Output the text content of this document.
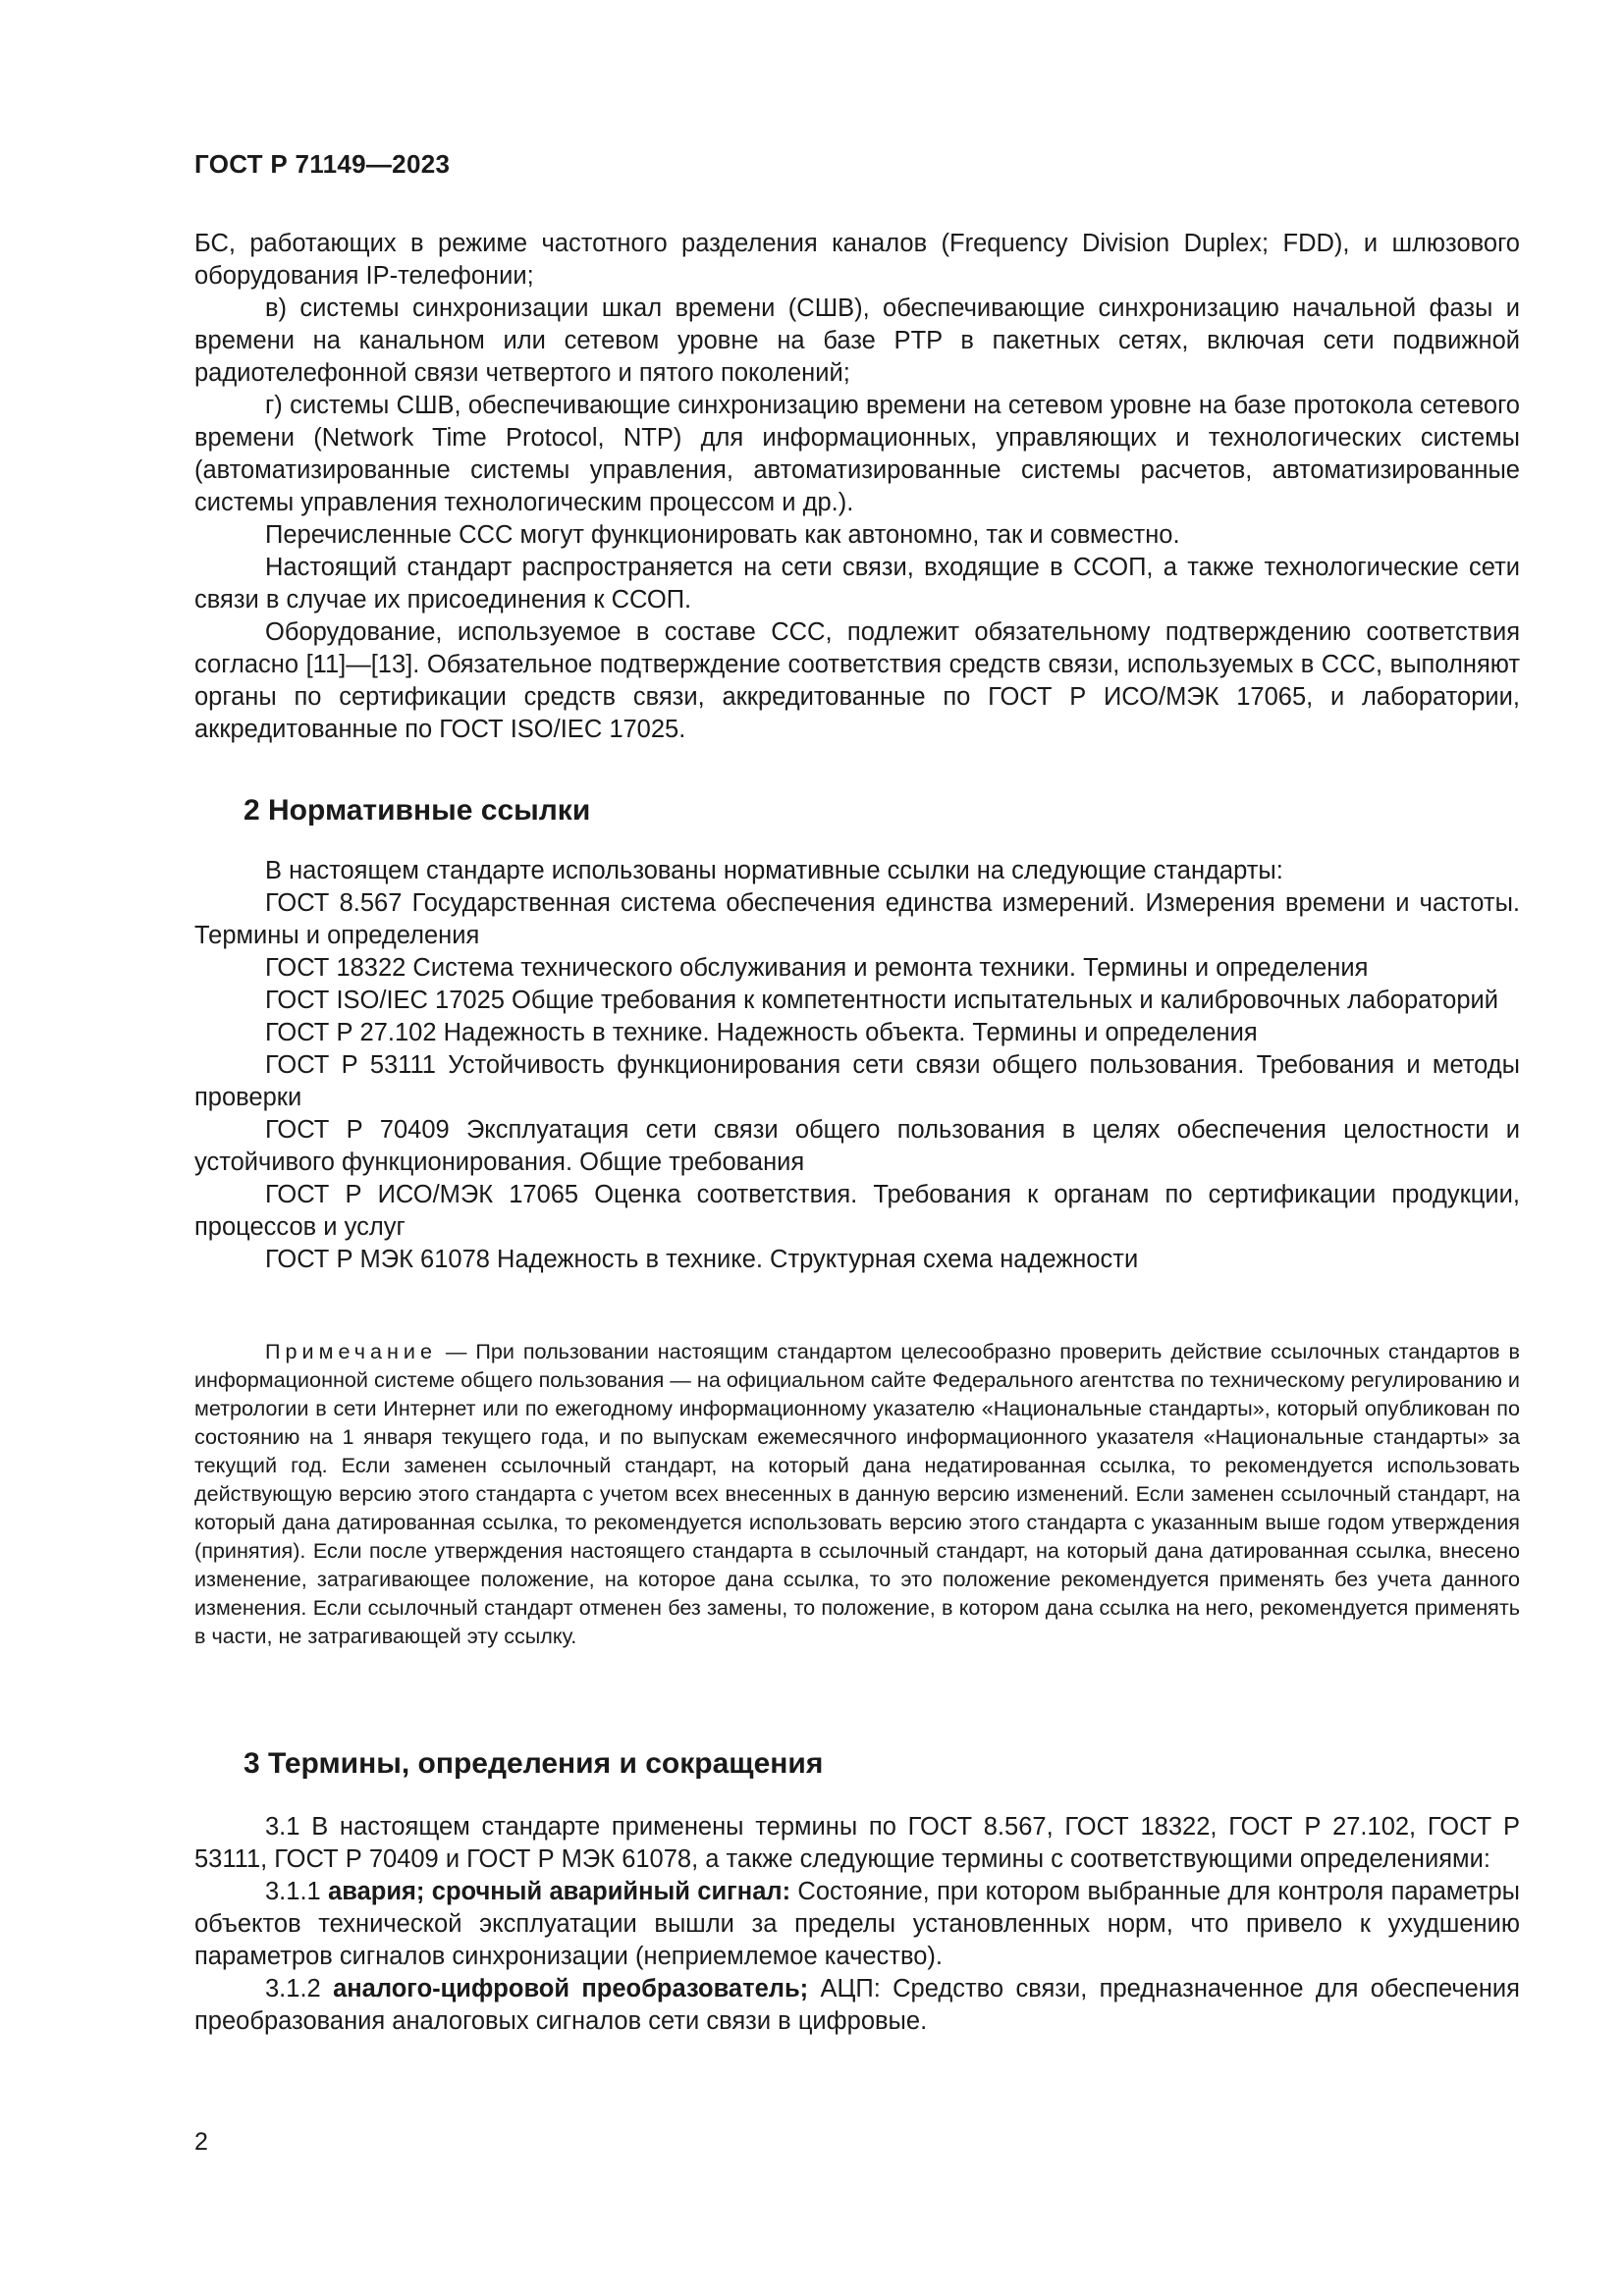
ГОСТ Р 71149—2023

БС, работающих в режиме частотного разделения каналов (Frequency Division Duplex; FDD), и шлюзового оборудования IP-телефонии;

в) системы синхронизации шкал времени (СШВ), обеспечивающие синхронизацию начальной фазы и времени на канальном или сетевом уровне на базе PTP в пакетных сетях, включая сети подвижной радиотелефонной связи четвертого и пятого поколений;

г) системы СШВ, обеспечивающие синхронизацию времени на сетевом уровне на базе протокола сетевого времени (Network Time Protocol, NTP) для информационных, управляющих и технологических системы (автоматизированные системы управления, автоматизированные системы расчетов, автоматизированные системы управления технологическим процессом и др.).

Перечисленные ССС могут функционировать как автономно, так и совместно.

Настоящий стандарт распространяется на сети связи, входящие в ССОП, а также технологические сети связи в случае их присоединения к ССОП.

Оборудование, используемое в составе ССС, подлежит обязательному подтверждению соответствия согласно [11]—[13]. Обязательное подтверждение соответствия средств связи, используемых в ССС, выполняют органы по сертификации средств связи, аккредитованные по ГОСТ Р ИСО/МЭК 17065, и лаборатории, аккредитованные по ГОСТ ISO/IEC 17025.

2 Нормативные ссылки

В настоящем стандарте использованы нормативные ссылки на следующие стандарты:

ГОСТ 8.567 Государственная система обеспечения единства измерений. Измерения времени и частоты. Термины и определения

ГОСТ 18322 Система технического обслуживания и ремонта техники. Термины и определения

ГОСТ ISO/IEC 17025 Общие требования к компетентности испытательных и калибровочных лабораторий

ГОСТ Р 27.102 Надежность в технике. Надежность объекта. Термины и определения

ГОСТ Р 53111 Устойчивость функционирования сети связи общего пользования. Требования и методы проверки

ГОСТ Р 70409 Эксплуатация сети связи общего пользования в целях обеспечения целостности и устойчивого функционирования. Общие требования

ГОСТ Р ИСО/МЭК 17065 Оценка соответствия. Требования к органам по сертификации продукции, процессов и услуг

ГОСТ Р МЭК 61078 Надежность в технике. Структурная схема надежности

Примечание — При пользовании настоящим стандартом целесообразно проверить действие ссылочных стандартов в информационной системе общего пользования — на официальном сайте Федерального агентства по техническому регулированию и метрологии в сети Интернет или по ежегодному информационному указателю «Национальные стандарты», который опубликован по состоянию на 1 января текущего года, и по выпускам ежемесячного информационного указателя «Национальные стандарты» за текущий год. Если заменен ссылочный стандарт, на который дана недатированная ссылка, то рекомендуется использовать действующую версию этого стандарта с учетом всех внесенных в данную версию изменений. Если заменен ссылочный стандарт, на который дана датированная ссылка, то рекомендуется использовать версию этого стандарта с указанным выше годом утверждения (принятия). Если после утверждения настоящего стандарта в ссылочный стандарт, на который дана датированная ссылка, внесено изменение, затрагивающее положение, на которое дана ссылка, то это положение рекомендуется применять без учета данного изменения. Если ссылочный стандарт отменен без замены, то положение, в котором дана ссылка на него, рекомендуется применять в части, не затрагивающей эту ссылку.

3 Термины, определения и сокращения

3.1 В настоящем стандарте применены термины по ГОСТ 8.567, ГОСТ 18322, ГОСТ Р 27.102, ГОСТ Р 53111, ГОСТ Р 70409 и ГОСТ Р МЭК 61078, а также следующие термины с соответствующими определениями:

3.1.1 авария; срочный аварийный сигнал: Состояние, при котором выбранные для контроля параметры объектов технической эксплуатации вышли за пределы установленных норм, что привело к ухудшению параметров сигналов синхронизации (неприемлемое качество).

3.1.2 аналого-цифровой преобразователь; АЦП: Средство связи, предназначенное для обеспечения преобразования аналоговых сигналов сети связи в цифровые.

2
